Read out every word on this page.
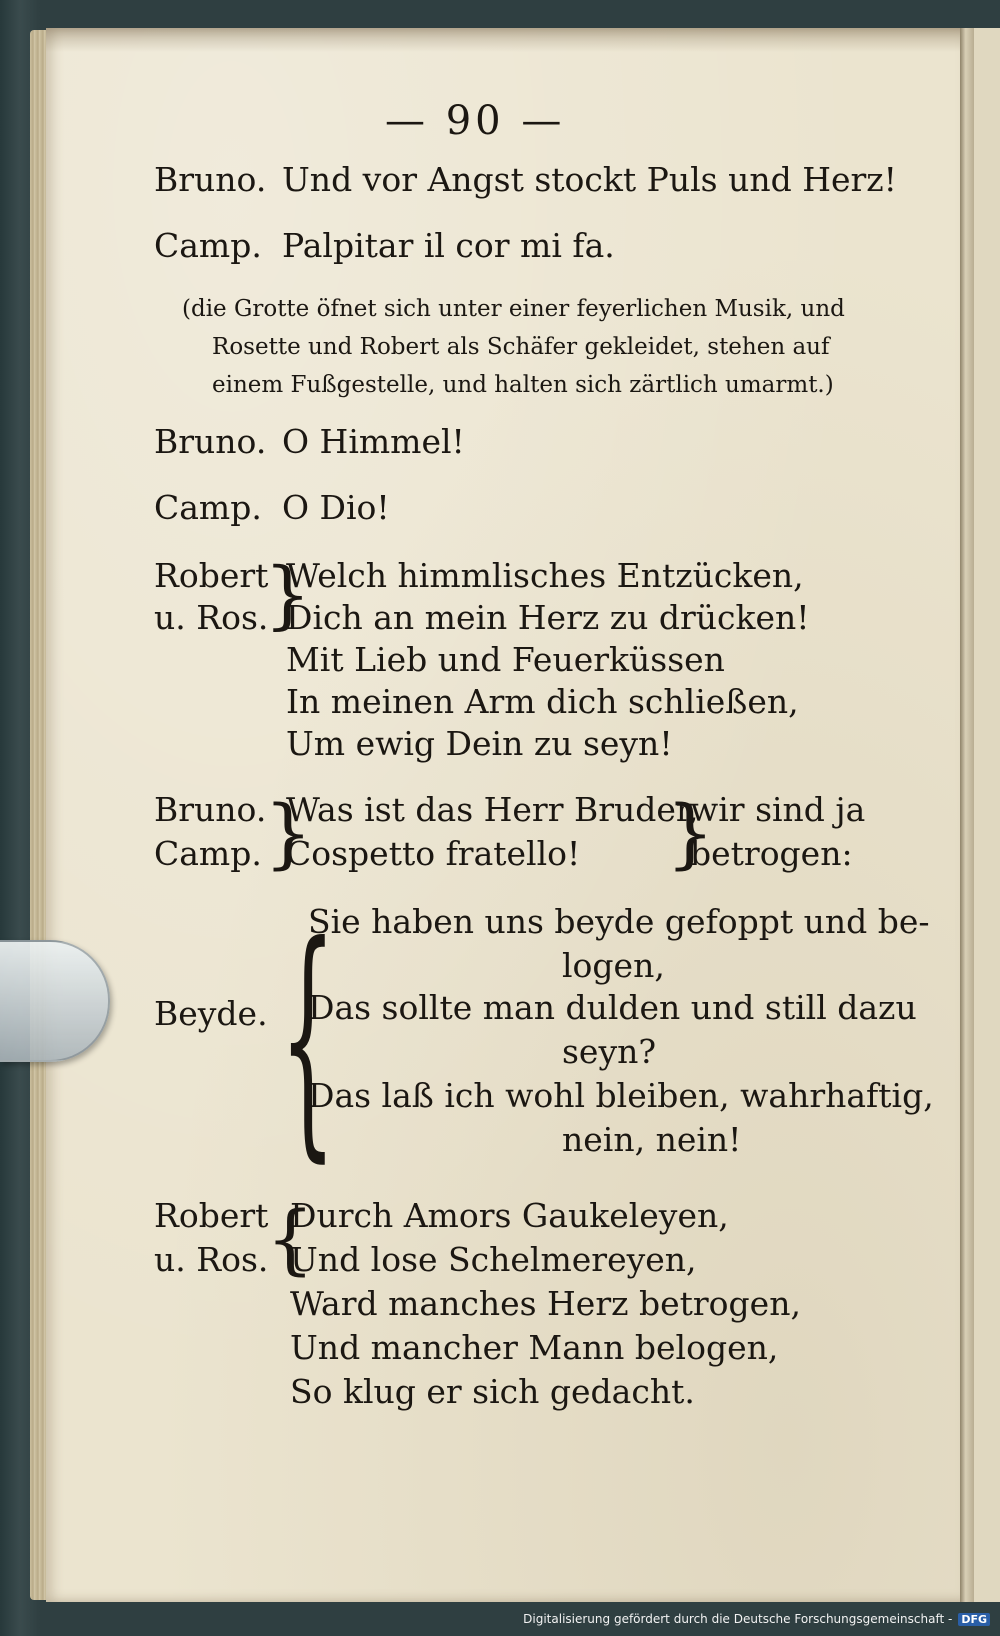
— 90 —
Bruno. Und vor Angst stockt Puls und Herz!
Camp. Palpitar il cor mi fa.
(die Grotte öfnet sich unter einer feyerlichen Musik, und
Rosette und Robert als Schäfer gekleidet, stehen auf
einem Fußgestelle, und halten sich zärtlich umarmt.)
Bruno. O Himmel!
Camp. O Dio!
Robert
u. Ros.
}
Welch himmlisches Entzücken,
Dich an mein Herz zu drücken!
Mit Lieb und Feuerküssen
In meinen Arm dich schließen,
Um ewig Dein zu seyn!
Bruno.
Camp. }
Was ist das Herr Bruder,
Cospetto fratello! }
wir sind ja
betrogen:
Beyde. {
Sie haben uns beyde gefoppt und be-
logen,
Das sollte man dulden und still dazu
seyn?
Das laß ich wohl bleiben, wahrhaftig,
nein, nein!
Robert
u. Ros.
{
Durch Amors Gaukeleyen,
Und lose Schelmereyen,
Ward manches Herz betrogen,
Und mancher Mann belogen,
So klug er sich gedacht.
Digitalisierung gefördert durch die Deutsche Forschungsgemeinschaft - DFG
